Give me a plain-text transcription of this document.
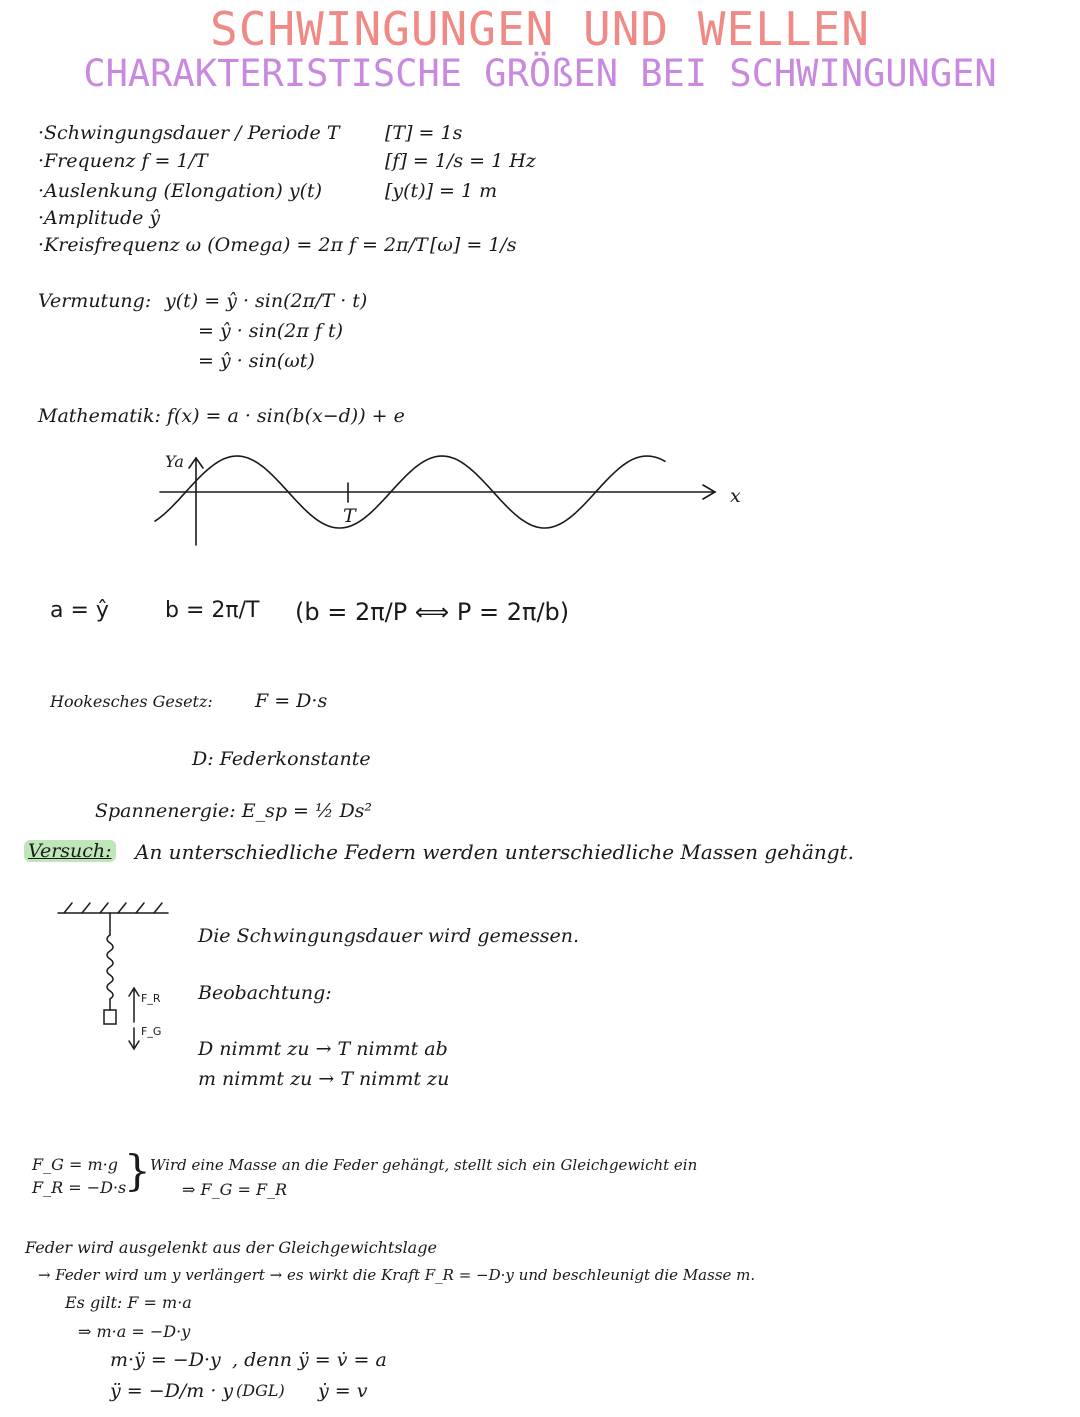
SCHWINGUNGEN UND WELLEN
CHARAKTERISTISCHE GRÖßEN BEI SCHWINGUNGEN
·Schwingungsdauer / Periode T [T] = 1s
·Frequenz f = 1/T	[f] = 1/s = 1 Hz
·Auslenkung (Elongation) y(t)	[y(t)] = 1 m
·Amplitude ŷ
·Kreisfrequenz ω (Omega) = 2π f = 2π/T [ω] = 1/s
Vermutung: y(t) = ŷ · sin(2π/T · t)
= ŷ · sin(2π f t)
= ŷ · sin(ωt)
Mathematik: f(x) = a · sin(b(x−d)) + e
Ya
x
T
a = ŷ	b = 2π/T (b = 2π/P ⟺ P = 2π/b)
Hookesches Gesetz: F = D·s
D: Federkonstante
Spannenergie: E_sp = ½ Ds²
Versuch: An unterschiedliche Federn werden unterschiedliche Massen gehängt.
F_R
F_G
Die Schwingungsdauer wird gemessen.
Beobachtung:
D nimmt zu → T nimmt ab
m nimmt zu → T nimmt zu
F_G = m·g
F_R = −D·s
} Wird eine Masse an die Feder gehängt, stellt sich ein Gleichgewicht ein
⇒ F_G = F_R
Feder wird ausgelenkt aus der Gleichgewichtslage
→ Feder wird um y verlängert → es wirkt die Kraft F_R = −D·y und beschleunigt die Masse m.
Es gilt: F = m·a
⇒ m·a = −D·y
m·ÿ = −D·y , denn ÿ = v̇ = a
ÿ = −D/m · y (DGL) ẏ = v
